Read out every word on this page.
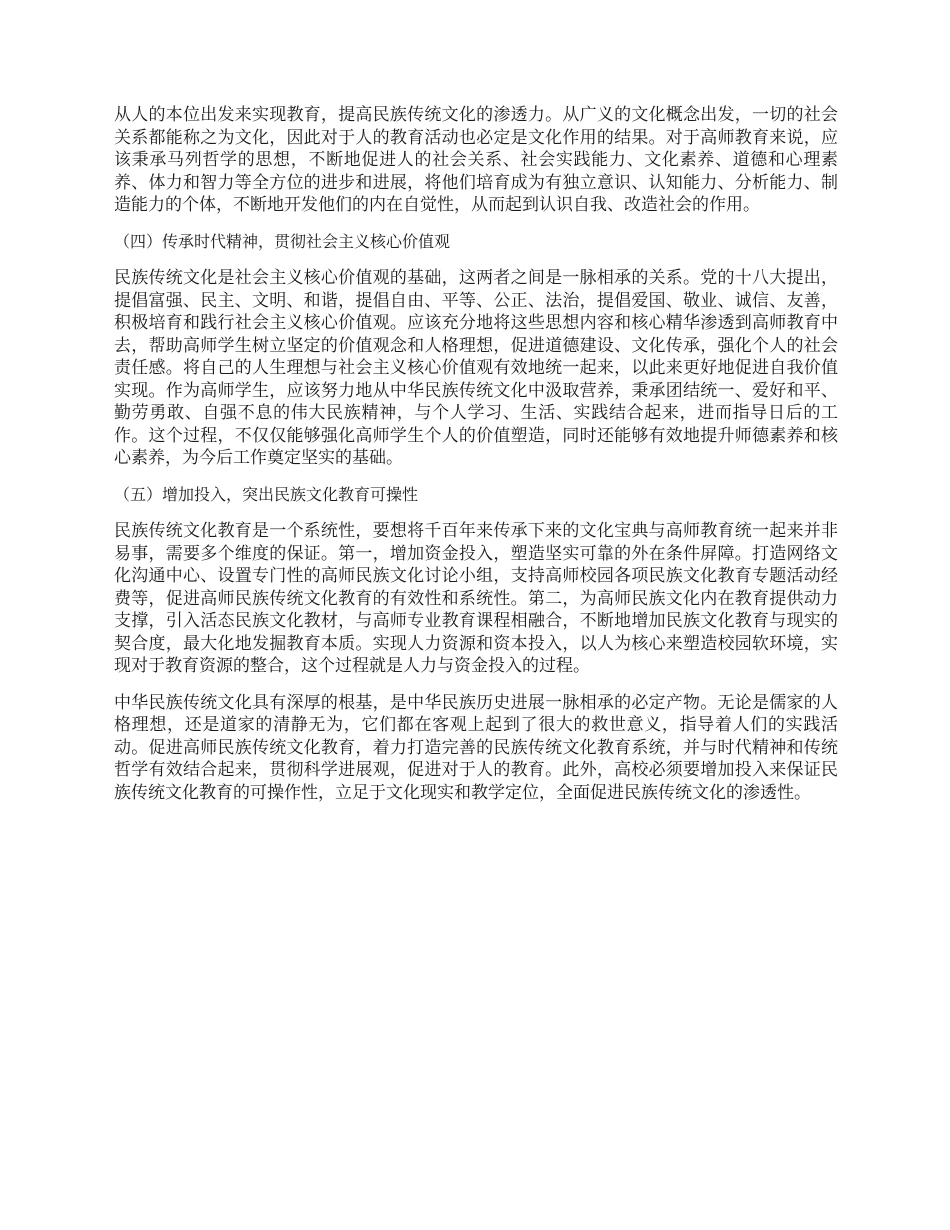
从人的本位出发来实现教育，提高民族传统文化的渗透力。从广义的文化概念出发，一切的社会关系都能称之为文化，因此对于人的教育活动也必定是文化作用的结果。对于高师教育来说，应该秉承马列哲学的思想，不断地促进人的社会关系、社会实践能力、文化素养、道德和心理素养、体力和智力等全方位的进步和进展，将他们培育成为有独立意识、认知能力、分析能力、制造能力的个体，不断地开发他们的内在自觉性，从而起到认识自我、改造社会的作用。

（四）传承时代精神，贯彻社会主义核心价值观

民族传统文化是社会主义核心价值观的基础，这两者之间是一脉相承的关系。党的十八大提出，提倡富强、民主、文明、和谐，提倡自由、平等、公正、法治，提倡爱国、敬业、诚信、友善，积极培育和践行社会主义核心价值观。应该充分地将这些思想内容和核心精华渗透到高师教育中去，帮助高师学生树立坚定的价值观念和人格理想，促进道德建设、文化传承，强化个人的社会责任感。将自己的人生理想与社会主义核心价值观有效地统一起来，以此来更好地促进自我价值实现。作为高师学生，应该努力地从中华民族传统文化中汲取营养，秉承团结统一、爱好和平、勤劳勇敢、自强不息的伟大民族精神，与个人学习、生活、实践结合起来，进而指导日后的工作。这个过程，不仅仅能够强化高师学生个人的价值塑造，同时还能够有效地提升师德素养和核心素养，为今后工作奠定坚实的基础。

（五）增加投入，突出民族文化教育可操性

民族传统文化教育是一个系统性，要想将千百年来传承下来的文化宝典与高师教育统一起来并非易事，需要多个维度的保证。第一，增加资金投入，塑造坚实可靠的外在条件屏障。打造网络文化沟通中心、设置专门性的高师民族文化讨论小组，支持高师校园各项民族文化教育专题活动经费等，促进高师民族传统文化教育的有效性和系统性。第二，为高师民族文化内在教育提供动力支撑，引入活态民族文化教材，与高师专业教育课程相融合，不断地增加民族文化教育与现实的契合度，最大化地发掘教育本质。实现人力资源和资本投入，以人为核心来塑造校园软环境，实现对于教育资源的整合，这个过程就是人力与资金投入的过程。

中华民族传统文化具有深厚的根基，是中华民族历史进展一脉相承的必定产物。无论是儒家的人格理想，还是道家的清静无为，它们都在客观上起到了很大的救世意义，指导着人们的实践活动。促进高师民族传统文化教育，着力打造完善的民族传统文化教育系统，并与时代精神和传统哲学有效结合起来，贯彻科学进展观，促进对于人的教育。此外，高校必须要增加投入来保证民族传统文化教育的可操作性，立足于文化现实和教学定位，全面促进民族传统文化的渗透性。
